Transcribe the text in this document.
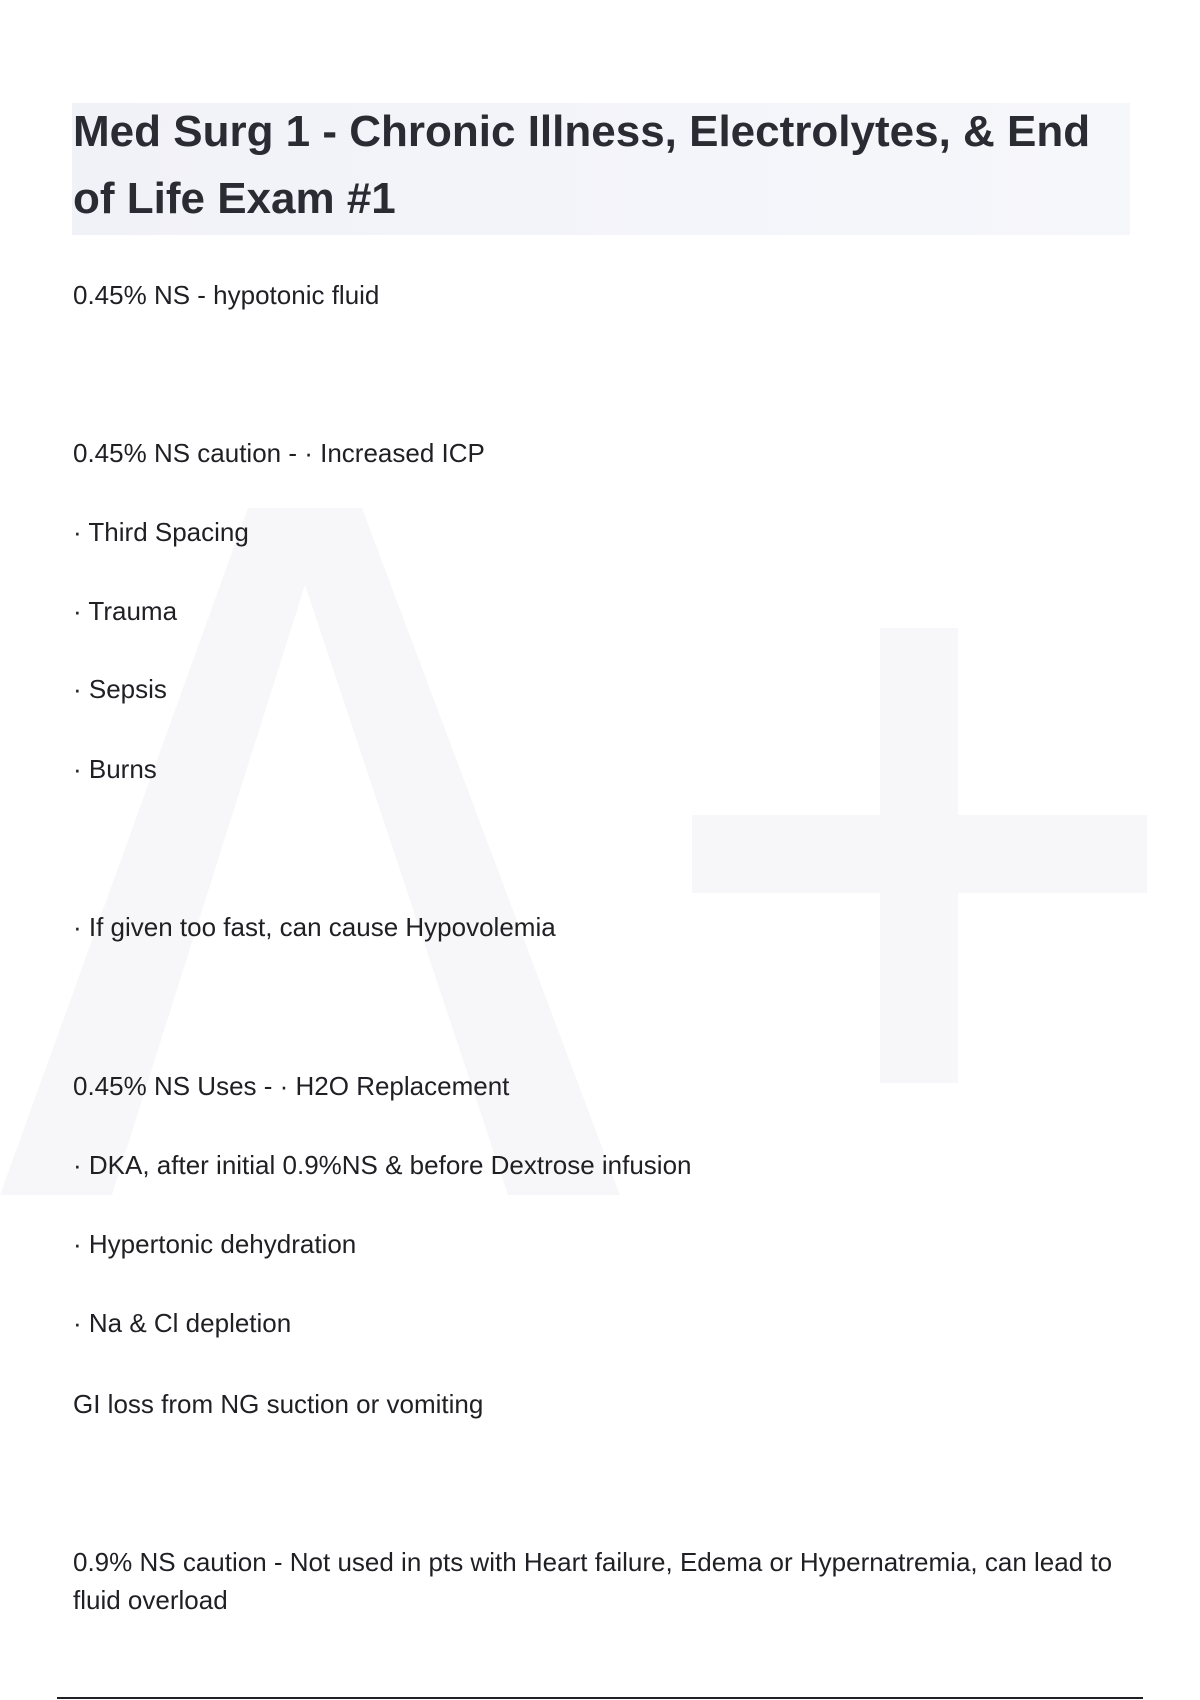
Med Surg 1 - Chronic Illness, Electrolytes, & End of Life Exam #1

0.45% NS - hypotonic fluid

0.45% NS caution - · Increased ICP

· Third Spacing

· Trauma

· Sepsis

· Burns

· If given too fast, can cause Hypovolemia

0.45% NS Uses - · H2O Replacement

· DKA, after initial 0.9%NS & before Dextrose infusion

· Hypertonic dehydration

· Na & Cl depletion

GI loss from NG suction or vomiting

0.9% NS caution - Not used in pts with Heart failure, Edema or Hypernatremia, can lead to fluid overload
